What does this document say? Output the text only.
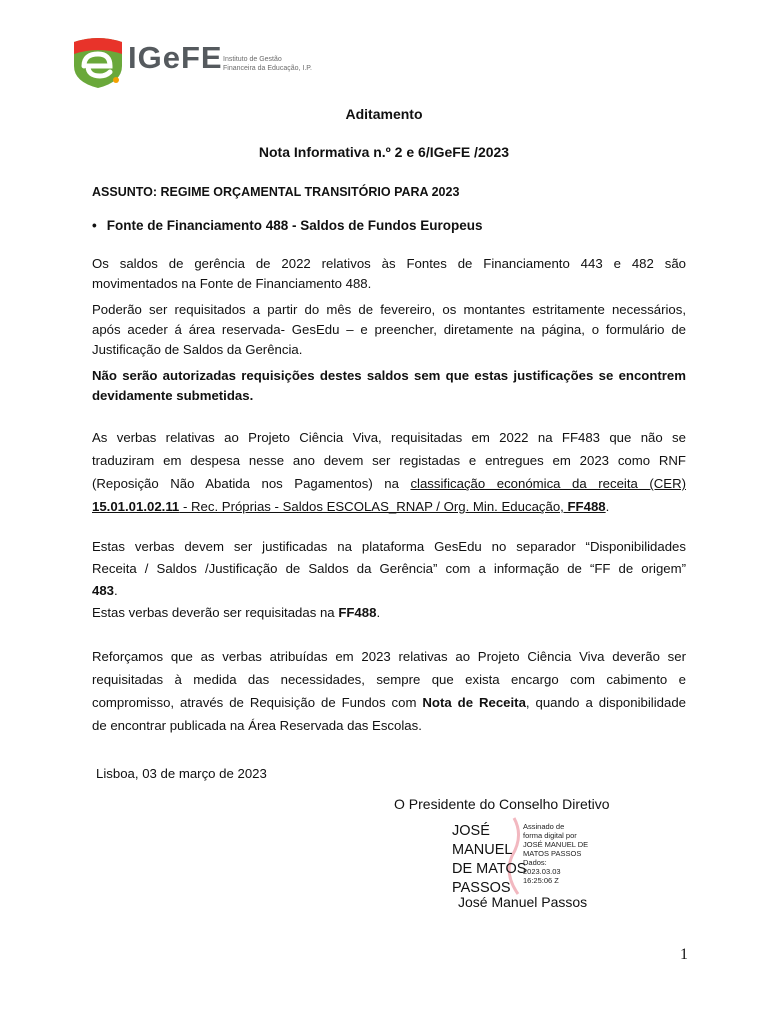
IGeFE Instituto de Gestão
Financeira da Educação, I.P.
Aditamento
Nota Informativa n.º 2 e 6/IGeFE /2023
ASSUNTO: REGIME ORÇAMENTAL TRANSITÓRIO PARA 2023
• Fonte de Financiamento 488 - Saldos de Fundos Europeus
Os saldos de gerência de 2022 relativos às Fontes de Financiamento 443 e 482 são
movimentados na Fonte de Financiamento 488.
Poderão ser requisitados a partir do mês de fevereiro, os montantes estritamente necessários,
após aceder á área reservada- GesEdu – e preencher, diretamente na página, o formulário de
Justificação de Saldos da Gerência.
Não serão autorizadas requisições destes saldos sem que estas justificações se encontrem
devidamente submetidas.
As verbas relativas ao Projeto Ciência Viva, requisitadas em 2022 na FF483 que não se
traduziram em despesa nesse ano devem ser registadas e entregues em 2023 como RNF
(Reposição Não Abatida nos Pagamentos) na classificação económica da receita (CER)
15.01.01.02.11 - Rec. Próprias - Saldos ESCOLAS_RNAP / Org. Min. Educação, FF488.
Estas verbas devem ser justificadas na plataforma GesEdu no separador “Disponibilidades
Receita / Saldos /Justificação de Saldos da Gerência” com a informação de “FF de origem”
483.
Estas verbas deverão ser requisitadas na FF488.
Reforçamos que as verbas atribuídas em 2023 relativas ao Projeto Ciência Viva deverão ser
requisitadas à medida das necessidades, sempre que exista encargo com cabimento e
compromisso, através de Requisição de Fundos com Nota de Receita, quando a disponibilidade
de encontrar publicada na Área Reservada das Escolas.
Lisboa, 03 de março de 2023
O Presidente do Conselho Diretivo
JOSÉ
MANUEL
DE MATOS
PASSOS
Assinado de
forma digital por
JOSÉ MANUEL DE
MATOS PASSOS
Dados:
2023.03.03
16:25:06 Z
José Manuel Passos
1
